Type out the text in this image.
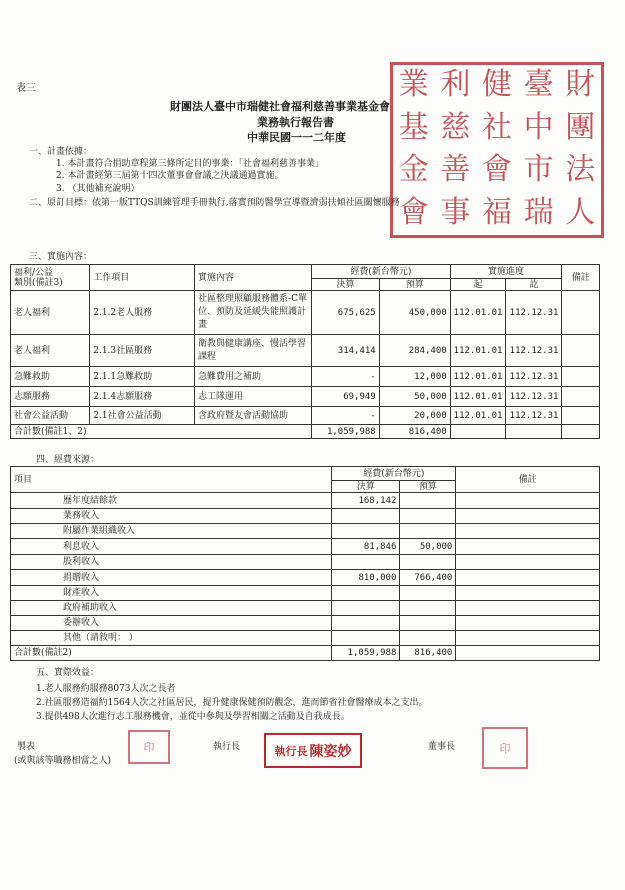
表三	業 利 健 臺 財
基 慈 社 中 團
金 善 會 市 法
會 事 福 瑞 人
財團法人臺中市瑞健社會福利慈善事業基金會
業務執行報告書
中華民國一一二年度
一、計畫依據：
1. 本計畫符合捐助章程第三條所定目的事業：「社會福利慈善事業」
2. 本計畫經第三屆第十四次董事會會議之決議通過實施。
3. （其他補充說明）
二、原訂目標：依第一版TTQS訓練管理手冊執行,落實預防醫學宣導暨濟弱扶傾社區關懷服務
三、實施內容：
福利/公益
類別(備註3)	工作項目	實施內容	經費(新台幣元)		實施進度		備註
			決算	預算	起	訖	
老人福利	2.1.2老人服務	社區整理照顧服務體系-C單位、預防及延緩失能照護計畫	675,625	450,000	112.01.01	112.12.31	
老人福利	2.1.3社區服務	衛教與健康講座、慢活學習課程	314,414	284,400	112.01.01	112.12.31	
急難救助	2.1.1急難救助	急難費用之補助	-	12,000	112.01.01	112.12.31	
志願服務	2.1.4志願服務	志工隊運用	69,949	50,000	112.01.01	112.12.31	
社會公益活動	2.1社會公益活動	含政府暨友會活動協助	-	20,000	112.01.01	112.12.31	
合計數(備註1、2)			1,059,988	816,400			
四、經費來源：
項目	經費(新台幣元)		備註
	決算	預算	
歷年度結餘款	168,142		
業務收入			
附屬作業組織收入			
利息收入	81,846	50,000	
股利收入			
捐贈收入	810,000	766,400	
財產收入			
政府補助收入			
委辦收入			
其他（請敘明： ）			
合計數(備註2)	1,059,988	816,400	
五、實際效益：
1.老人服務約服務8073人次之長者
2.社區服務造福約1564人次之社區居民，提升健康保健預防觀念，進而節省社會醫療成本之支出。
3.提供498人次進行志工服務機會，並從中參與及學習相關之活動及自我成長。
製表
(或與該等職務相當之人)
印	執行長	執行長 陳姿妙	董事長	印
